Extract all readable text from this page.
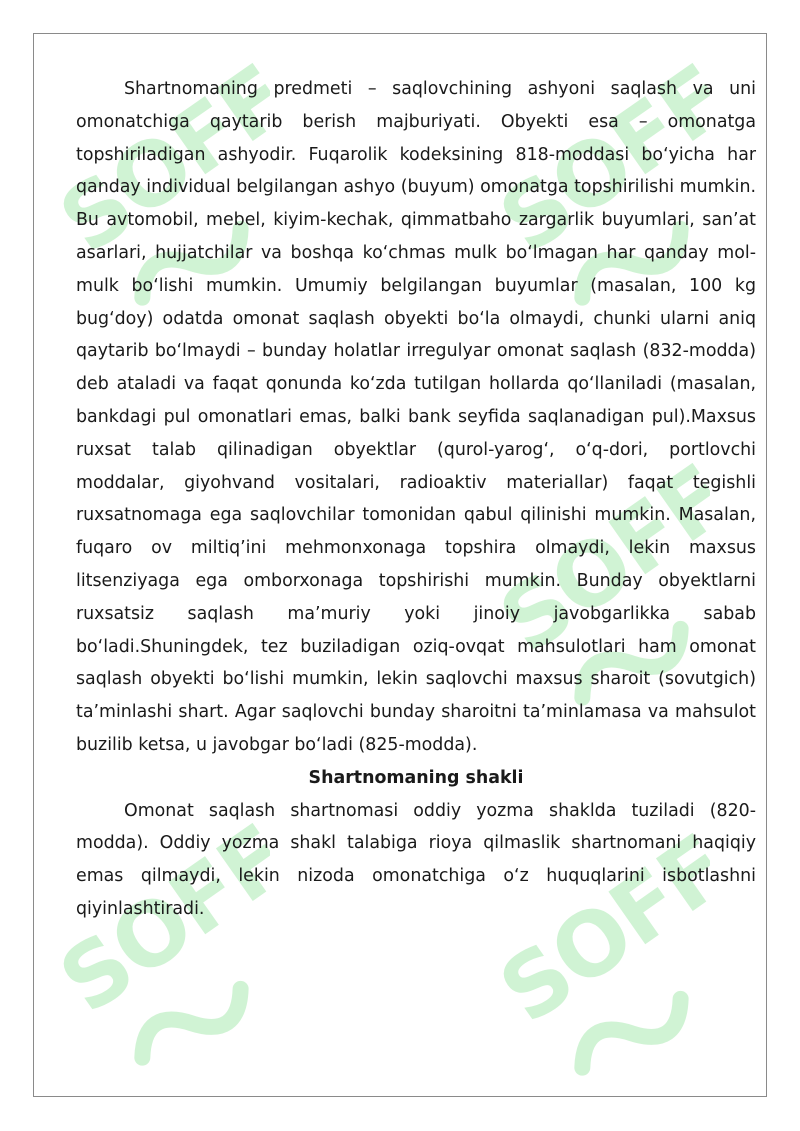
Shartnomaning predmeti – saqlovchining ashyoni saqlash va uni omonatchiga qaytarib berish majburiyati. Obyekti esa – omonatga topshiriladigan ashyodir. Fuqarolik kodeksining 818-moddasi bo‘yicha har qanday individual belgilangan ashyo (buyum) omonatga topshirilishi mumkin. Bu avtomobil, mebel, kiyim-kechak, qimmatbaho zargarlik buyumlari, san’at asarlari, hujjatchilar va boshqa ko‘chmas mulk bo‘lmagan har qanday mol-mulk bo‘lishi mumkin. Umumiy belgilangan buyumlar (masalan, 100 kg bug‘doy) odatda omonat saqlash obyekti bo‘la olmaydi, chunki ularni aniq qaytarib bo‘lmaydi – bunday holatlar irregulyar omonat saqlash (832-modda) deb ataladi va faqat qonunda ko‘zda tutilgan hollarda qo‘llaniladi (masalan, bankdagi pul omonatlari emas, balki bank seyfida saqlanadigan pul).Maxsus ruxsat talab qilinadigan obyektlar (qurol-yarog‘, o‘q-dori, portlovchi moddalar, giyohvand vositalari, radioaktiv materiallar) faqat tegishli ruxsatnomaga ega saqlovchilar tomonidan qabul qilinishi mumkin. Masalan, fuqaro ov miltiq’ini mehmonxonaga topshira olmaydi, lekin maxsus litsenziyaga ega omborxonaga topshirishi mumkin. Bunday obyektlarni ruxsatsiz saqlash ma’muriy yoki jinoiy javobgarlikka sabab bo‘ladi.Shuningdek, tez buziladigan oziq-ovqat mahsulotlari ham omonat saqlash obyekti bo‘lishi mumkin, lekin saqlovchi maxsus sharoit (sovutgich) ta’minlashi shart. Agar saqlovchi bunday sharoitni ta’minlamasa va mahsulot buzilib ketsa, u javobgar bo‘ladi (825-modda).

Shartnomaning shakli

Omonat saqlash shartnomasi oddiy yozma shaklda tuziladi (820-modda). Oddiy yozma shakl talabiga rioya qilmaslik shartnomani haqiqiy emas qilmaydi, lekin nizoda omonatchiga o‘z huquqlarini isbotlashni qiyinlashtiradi.
